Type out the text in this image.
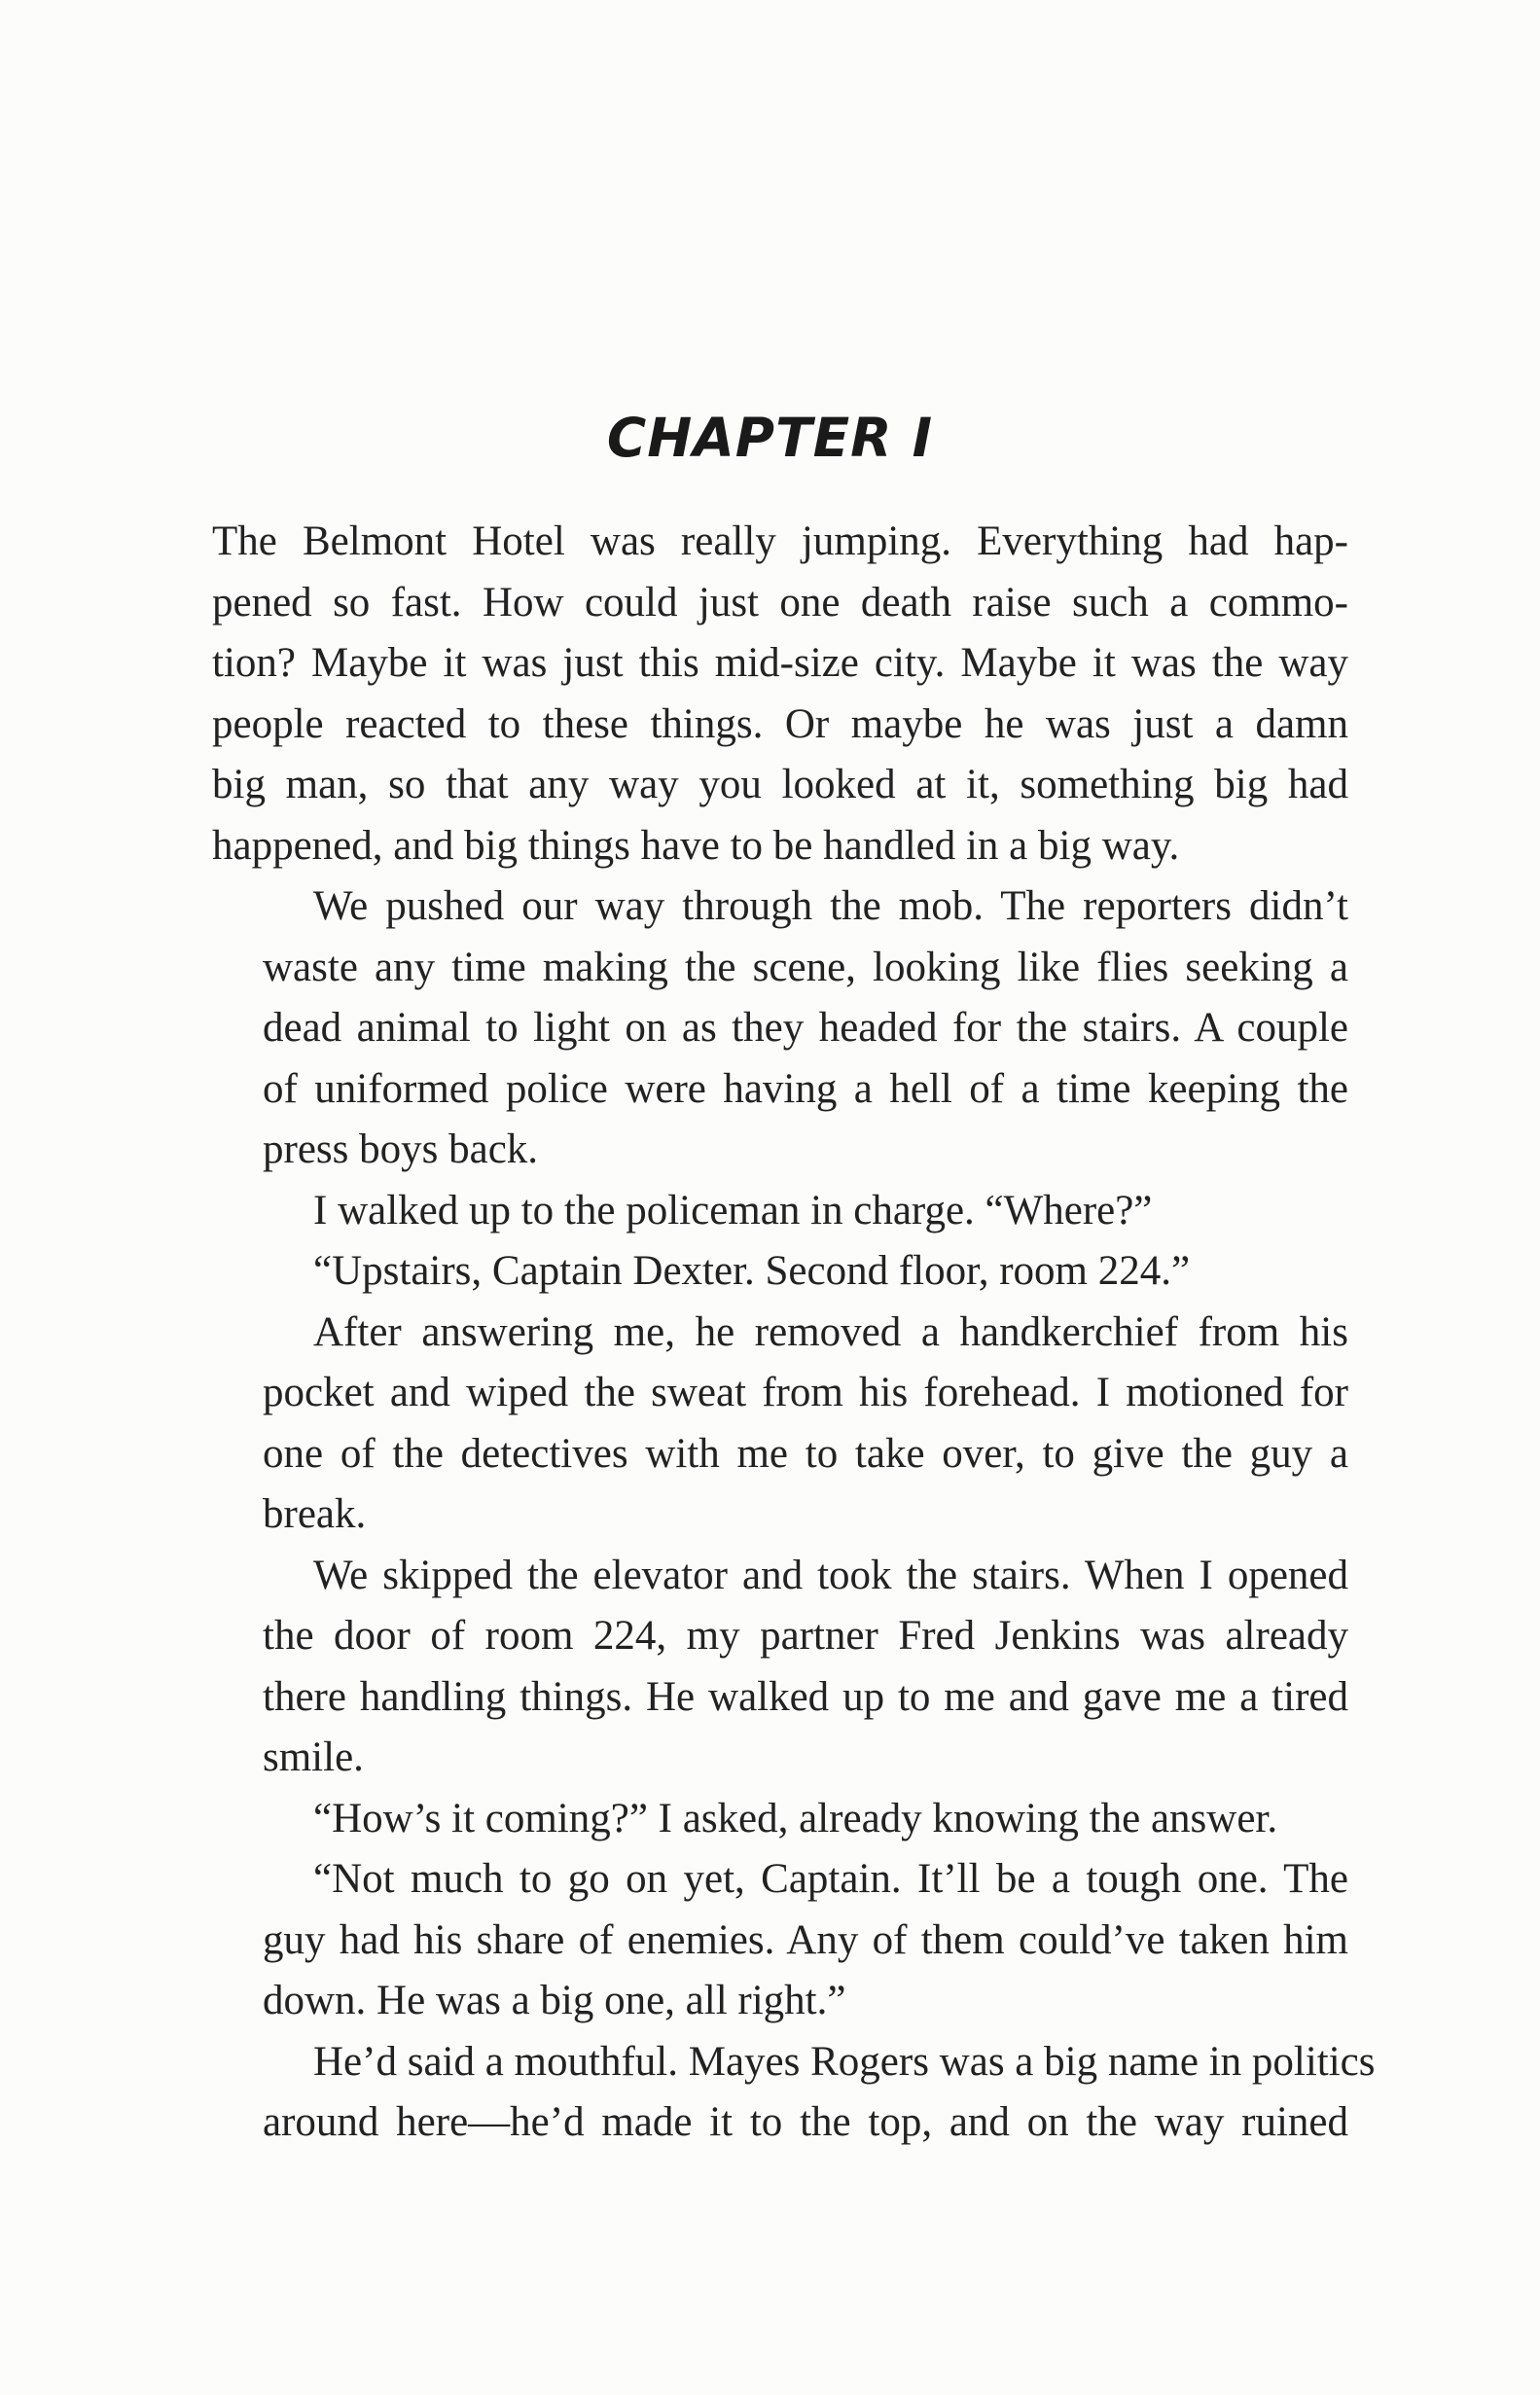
CHAPTER I
The Belmont Hotel was really jumping. Everything had hap-
pened so fast. How could just one death raise such a commo-
tion? Maybe it was just this mid-size city. Maybe it was the way
people reacted to these things. Or maybe he was just a damn
big man, so that any way you looked at it, something big had
happened, and big things have to be handled in a big way.
We pushed our way through the mob. The reporters didn’t
waste any time making the scene, looking like flies seeking a
dead animal to light on as they headed for the stairs. A couple
of uniformed police were having a hell of a time keeping the
press boys back.
I walked up to the policeman in charge. “Where?”
“Upstairs, Captain Dexter. Second floor, room 224.”
After answering me, he removed a handkerchief from his
pocket and wiped the sweat from his forehead. I motioned for
one of the detectives with me to take over, to give the guy a
break.
We skipped the elevator and took the stairs. When I opened
the door of room 224, my partner Fred Jenkins was already
there handling things. He walked up to me and gave me a tired
smile.
“How’s it coming?” I asked, already knowing the answer.
“Not much to go on yet, Captain. It’ll be a tough one. The
guy had his share of enemies. Any of them could’ve taken him
down. He was a big one, all right.”
He’d said a mouthful. Mayes Rogers was a big name in politics
around here—he’d made it to the top, and on the way ruined
